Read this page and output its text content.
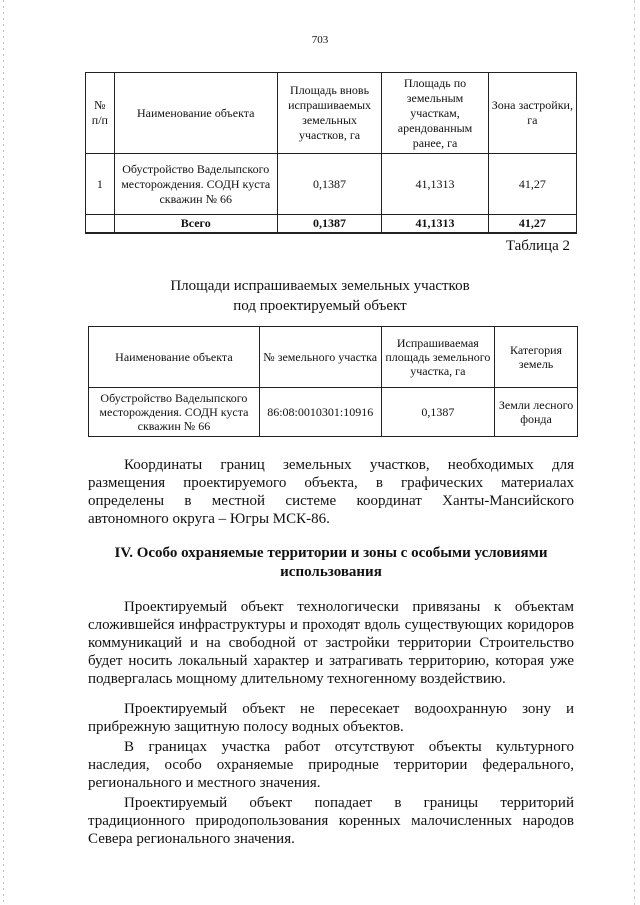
703
№ п/п	Наименование объекта	Площадь вновь испрашиваемых земельных участков, га	Площадь по земельным участкам, арендованным ранее, га	Зона застройки, га
1	Обустройство Ваделыпского месторождения. СОДН куста скважин № 66	0,1387	41,1313	41,27
	Всего	0,1387	41,1313	41,27
Таблица 2
Площади испрашиваемых земельных участков
под проектируемый объект
Наименование объекта	№ земельного участка	Испрашиваемая площадь земельного участка, га	Категория земель
Обустройство Ваделыпского месторождения. СОДН куста скважин № 66	86:08:0010301:10916	0,1387	Земли лесного фонда
Координаты границ земельных участков, необходимых для размещения проектируемого объекта, в графических материалах определены в местной системе координат Ханты-Мансийского автономного округа – Югры МСК-86.
IV. Особо охраняемые территории и зоны с особыми условиями
использования
Проектируемый объект технологически привязаны к объектам сложившейся инфраструктуры и проходят вдоль существующих коридоров коммуникаций и на свободной от застройки территории Строительство будет носить локальный характер и затрагивать территорию, которая уже подвергалась мощному длительному техногенному воздействию.
Проектируемый объект не пересекает водоохранную зону и прибрежную защитную полосу водных объектов.
В границах участка работ отсутствуют объекты культурного наследия, особо охраняемые природные территории федерального, регионального и местного значения.
Проектируемый объект попадает в границы территорий традиционного природопользования коренных малочисленных народов Севера регионального значения.
